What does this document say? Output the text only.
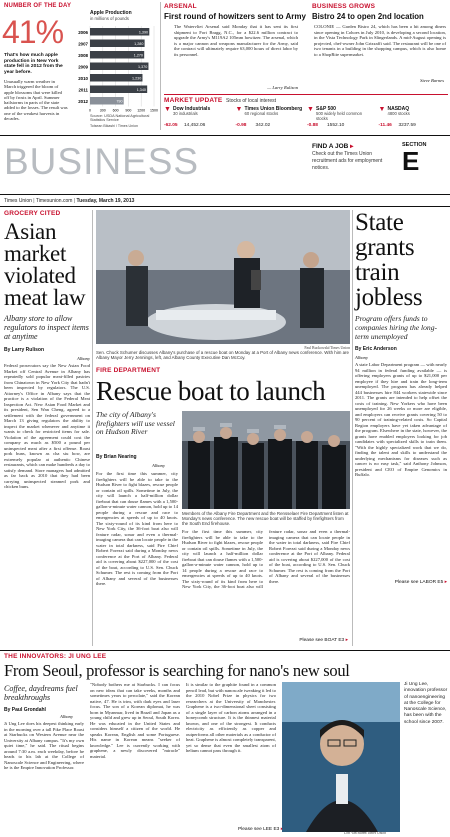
NUMBER OF THE DAY
41%
That's how much apple production in New York state fell in 2012 from the year before.
Unusually warm weather in March triggered the bloom of apple blossoms that were killed off by frosts in April. Summer hailstorms in parts of the state added to the losses. The result was one of the weakest harvests in decades.
Apple Production
in millions of pounds
0 300 600 900 1200 1500
2006	1,390
2007	1,280
2008	1,270
2009	1,370
2010	1,230
2011	1,340
2012	790
Source: USDA National Agricultural Statistics Service
Tolsean Bikashi / Times Union
ARSENAL
First round of howitzers sent to Army
The Watervliet Arsenal said Monday that it has sent its first shipment to Fort Bragg, N.C., for a $22.6 million contract to upgrade the Army's M119A2 105mm howitzer. The arsenal, which is a major cannon and weapons manufacturer for the Army, said the contract will ultimately require 63,000 hours of direct labor by its personnel.
— Larry Rulison
BUSINESS GROWS
Bistro 24 to open 2nd location
COLONIE — Garden Bistro 24, which has been a hit among diners since opening in Cohoes in July 2010, is developing a second location, in the Vista Technology Park in Slingerlands. A mid-August opening is projected, chef-owner John Grizzaffi said. The restaurant will be one of two tenants in a building in the shopping campus, which is also home to a ShopRite supermarket.
Steve Barnes
MARKET UPDATE Stocks of local interest
▼ Dow Industrials
30 industrials
-62.05 14,452.06
▼ Times Union Bloomberg
60 regional stocks
-0.98 342.02
▼ S&P 500
500 widely held common stocks
-0.88 1552.10
▼ NASDAQ
4800 stocks
-11.46 3237.59
BUSINESS	FIND A JOB ▸
Check out the Times Union recruitment ads for employment notices.
SECTION
E
Times Union | Timesunion.com | Tuesday, March 19, 2013
GROCERY CITED
Asian market violated meat law
Albany store to allow regulators to inspect items at anytime
By Larry Rulison
Albany
Federal prosecutors say the New Asian Food Market off Central Avenue in Albany has repeatedly sold popular meat-filled pastries from Chinatown in New York City that hadn't been inspected by regulators. The U.S. Attorney's Office in Albany says that the practice is a violation of the Federal Meat Inspection Act. New Asian Food Market and its president, Sen Wan Cheng, agreed to a settlement with the federal government on March 13 giving regulators the ability to inspect the market whenever and anytime it wants to check for restricted items for sale. Violation of the agreement could cost the company as much as $500 a pound per uninspected meat after a first offense. Roast pork buns, known as cha siu bow, are extremely popular at authentic Chinese restaurants, which can make hundreds a day to satisfy demand. Store managers had admitted as far back as 2010 that they had been carrying uninspected steamed pork and chicken buns.
Paul Buckowski/Times Union
Sen. Chuck Schumer discusses Albany's purchase of a rescue boat on Monday at a Port of Albany news conference. With him are Albany Mayor Jerry Jennings, left, and Albany County Executive Dan McCoy.
FIRE DEPARTMENT
Rescue boat to launch
The city of Albany's firefighters will use vessel on Hudson River
By Brian Nearing
Albany
For the first time this summer, city firefighters will be able to take to the Hudson River to fight blazes, rescue people or contain oil spills. Sometime in July, the city will launch a half-million dollar fireboat that can douse flames with a 1,500-gallon-a-minute water cannon, hold up to 14 people during a rescue and race to emergencies at speeds of up to 40 knots. The sixty-round of its kind from here to New York City, the 36-foot boat also will feature radar, sonar and even a thermal-imaging camera that can locate people in the water in total darkness, said Fire Chief Robert Forezzi said during a Monday news conference at the Port of Albany. Federal aid is covering about $227,000 of the cost of the boat, according to U.S. Sen. Chuck Schumer. The rest is coming from the Port of Albany and several of the businesses there.
Members of the Albany Fire Department and the Rensselaer Fire Department listen at Monday's news conference. The new rescue boat will be staffed by firefighters from the South End firehouse.
For the first time this summer, city firefighters will be able to take to the Hudson River to fight blazes, rescue people or contain oil spills. Sometime in July, the city will launch a half-million dollar fireboat that can douse flames with a 1,500-gallon-a-minute water cannon, hold up to 14 people during a rescue and race to emergencies at speeds of up to 40 knots. The sixty-round of its kind from here to New York City, the 36-foot boat also will feature radar, sonar and even a thermal-imaging camera that can locate people in the water in total darkness, said Fire Chief Robert Forezzi said during a Monday news conference at the Port of Albany. Federal aid is covering about $227,000 of the cost of the boat, according to U.S. Sen. Chuck Schumer. The rest is coming from the Port of Albany and several of the businesses there.
Please see BOAT E3 ▸
State grants train jobless
Program offers funds to companies hiring the long-term unemployed
By Eric Anderson
Albany
A state Labor Department program — with nearly 94 million in federal funding available — is offering employers grants of up to $21,000 per employee if they hire and train the long-term unemployed. The program has already helped 444 businesses hire 844 workers statewide since 2011. The grants are intended to help offset the costs of training. New Yorkers who have been unemployed for 26 weeks or more are eligible, and employers can receive grants covering 50 to 90 percent of training-related costs. So Capital Region employers have yet taken advantage of the program. Elsewhere in the state, however, the grants have enabled employers looking for job candidates with specialized skills to train them. "With the highly specialized work that we do, finding the talent and skills to understand the underlying mechanisms for diseases such as cancer is no easy task," said Anthony Johnson, president and CEO of Empire Genomics in Buffalo.
Please see LABOR E5 ▸
THE INNOVATORS: JI UNG LEE
From Seoul, professor is searching for nano's new soul
Coffee, daydreams fuel breakthroughs
By Paul Grondahl
Albany
Ji Ung Lee does his deepest thinking early in the morning over a tall Pike Place Roast at Starbucks on Western Avenue near the University at Albany campus. "It's my own quiet time," he said. The ritual begins around 7:30 a.m. each weekday, before he heads to his lab at the College of Nanoscale Science and Engineering, where he is the Empire Innovation Professor.
"Nobody bothers me at Starbucks. I can focus on new ideas that can take weeks, months and sometimes years to percolate," said the Korean native, 47. He is trim, with dark eyes and laser focus. The son of a Korean diplomat, he was born in Myanmar, lived in Brazil and Japan as a young child and grew up in Seoul, South Korea. He was educated in the United States and considers himself a citizen of the world. He speaks Korean, English and some Portuguese. His name in Korean means "seeker of knowledge." Lee is currently working with graphene, a newly discovered "miracle" material.
It is similar to the graphite found in a common pencil lead, but with nanoscale tweaking it led to the 2010 Nobel Prize in physics for two researchers at the University of Manchester. Graphene is a two-dimensional sheet consisting of a single layer of carbon atoms arranged in a honeycomb structure. It is the thinnest material known, and one of the strongest. It conducts electricity as efficiently as copper and outperforms all other materials as a conductor of heat. Graphene is almost completely transparent, yet so dense that even the smallest atom of helium cannot pass through it.
Please see LEE E3
Lori Van Buren/Times Union
Ji Ung Lee, innovation professor of nanoengineering at the College for Nanoscale Science, has been with the school since 2007.
